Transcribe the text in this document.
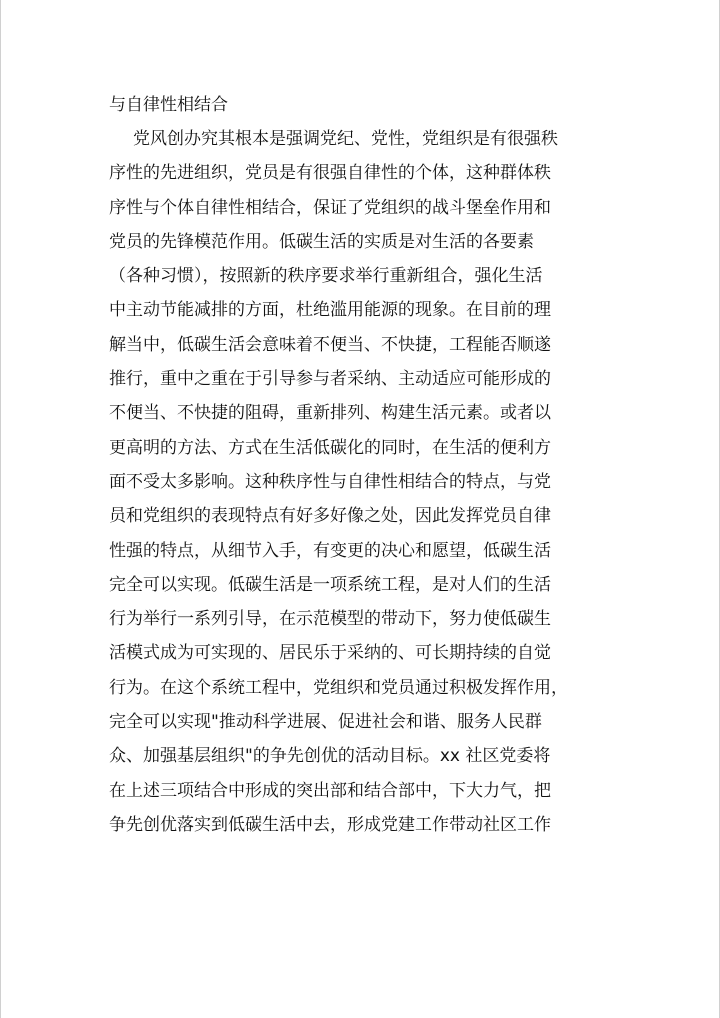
与自律性相结合
党风创办究其根本是强调党纪、党性，党组织是有很强秩
序性的先进组织，党员是有很强自律性的个体，这种群体秩
序性与个体自律性相结合，保证了党组织的战斗堡垒作用和
党员的先锋模范作用。低碳生活的实质是对生活的各要素
（各种习惯），按照新的秩序要求举行重新组合，强化生活
中主动节能减排的方面，杜绝滥用能源的现象。在目前的理
解当中，低碳生活会意味着不便当、不快捷，工程能否顺遂
推行，重中之重在于引导参与者采纳、主动适应可能形成的
不便当、不快捷的阻碍，重新排列、构建生活元素。或者以
更高明的方法、方式在生活低碳化的同时，在生活的便利方
面不受太多影响。这种秩序性与自律性相结合的特点，与党
员和党组织的表现特点有好多好像之处，因此发挥党员自律
性强的特点，从细节入手，有变更的决心和愿望，低碳生活
完全可以实现。低碳生活是一项系统工程，是对人们的生活
行为举行一系列引导，在示范模型的带动下，努力使低碳生
活模式成为可实现的、居民乐于采纳的、可长期持续的自觉
行为。在这个系统工程中，党组织和党员通过积极发挥作用，
完全可以实现"推动科学进展、促进社会和谐、服务人民群
众、加强基层组织"的争先创优的活动目标。xx 社区党委将
在上述三项结合中形成的突出部和结合部中，下大力气，把
争先创优落实到低碳生活中去，形成党建工作带动社区工作
